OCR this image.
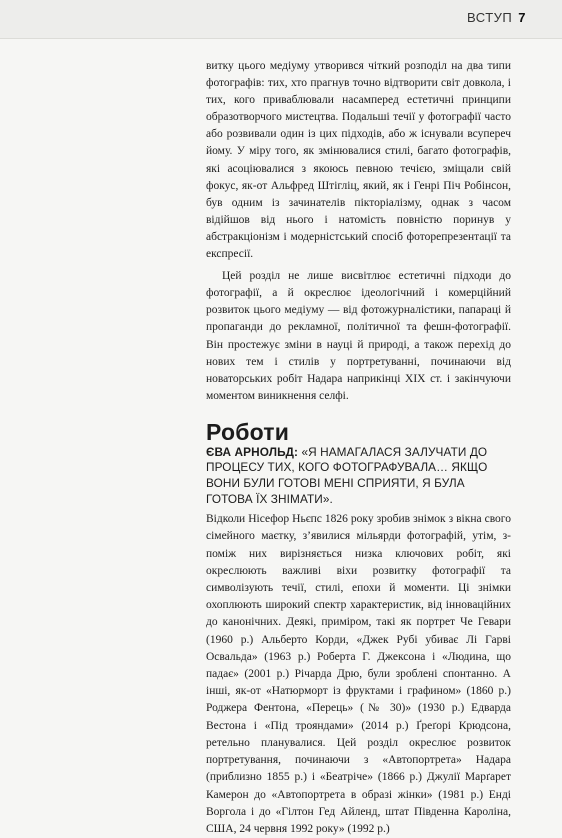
ВСТУП 7

витку цього медіуму утворився чіткий розподіл на два типи фотографів: тих, хто прагнув точно відтворити світ довкола, і тих, кого приваблювали насамперед естетичні принципи образотворчого мистецтва. Подальші течії у фотографії часто або розвивали один із цих підходів, або ж існували всупереч йому. У міру того, як змінювалися стилі, багато фотографів, які асоціювалися з якоюсь певною течією, зміщали свій фокус, як-от Альфред Штігліц, який, як і Генрі Піч Робінсон, був одним із зачинателів пікторіалізму, однак з часом відійшов від нього і натомість повністю поринув у абстракціонізм і модерністський спосіб фоторепрезентації та експресії.

Цей розділ не лише висвітлює естетичні підходи до фотографії, а й окреслює ідеологічний і комерційний розвиток цього медіуму — від фотожурналістики, папараці й пропаганди до рекламної, політичної та фешн-фотографії. Він простежує зміни в науці й природі, а також перехід до нових тем і стилів у портретуванні, починаючи від новаторських робіт Надара наприкінці XIX ст. і закінчуючи моментом виникнення селфі.

Роботи
ЄВА АРНОЛЬД: «Я НАМАГАЛАСЯ ЗАЛУЧАТИ ДО ПРОЦЕСУ ТИХ, КОГО ФОТОГРАФУВАЛА… ЯКЩО ВОНИ БУЛИ ГОТОВІ МЕНІ СПРИЯТИ, Я БУЛА ГОТОВА ЇХ ЗНІМАТИ».

Відколи Нісефор Ньєпс 1826 року зробив знімок з вікна свого сімейного маєтку, з’явилися мільярди фотографій, утім, з-поміж них вирізняється низка ключових робіт, які окреслюють важливі віхи розвитку фотографії та символізують течії, стилі, епохи й моменти. Ці знімки охоплюють широкий спектр характеристик, від інноваційних до канонічних. Деякі, приміром, такі як портрет Че Гевари (1960 р.) Альберто Корди, «Джек Рубі убиває Лі Гарві Освальда» (1963 р.) Роберта Г. Джексона і «Людина, що падає» (2001 р.) Річарда Дрю, були зроблені спонтанно. А інші, як-от «Натюрморт із фруктами і графином» (1860 р.) Роджера Фентона, «Перець» (№ 30)» (1930 р.) Едварда Вестона і «Під трояндами» (2014 р.) Ґреґорі Крюдсона, ретельно планувалися. Цей розділ окреслює розвиток портретування, починаючи з «Автопортрета» Надара (приблизно 1855 р.) і «Беатріче» (1866 р.) Джулії Марґарет Камерон до «Автопортрета в образі жінки» (1981 р.) Енді Воргола і до «Гілтон Гед Айленд, штат Південна Кароліна, США, 24 червня 1992 року» (1992 р.)
